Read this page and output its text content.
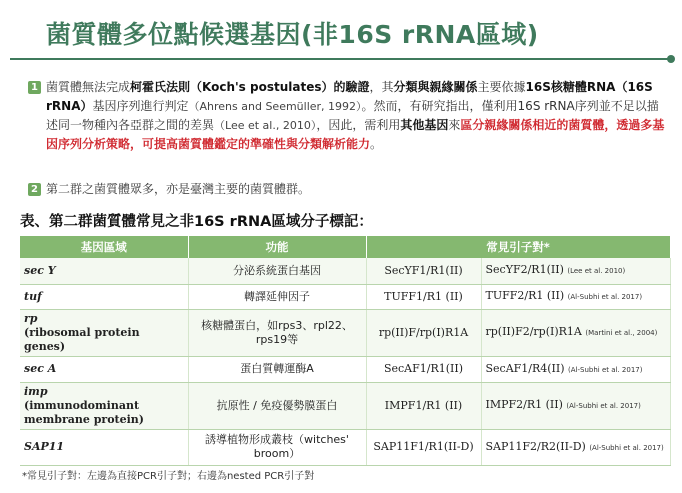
菌質體多位點候選基因(非16S rRNA區域)
1 菌質體無法完成柯霍氏法則（Koch's postulates）的驗證，其分類與親緣關係主要依據16S核糖體RNA（16S rRNA）基因序列進行判定（Ahrens and Seemüller, 1992）。然而，有研究指出，僅利用16S rRNA序列並不足以描述同一物種內各亞群之間的差異（Lee et al., 2010），因此，需利用其他基因來區分親緣關係相近的菌質體，透過多基因序列分析策略，可提高菌質體鑑定的準確性與分類解析能力。
2 第二群之菌質體眾多，亦是臺灣主要的菌質體群。
表、第二群菌質體常見之非16S rRNA區域分子標記：
基因區域	功能	常見引子對*	
sec Y	分泌系統蛋白基因	SecYF1/R1(II)	SecYF2/R1(II) (Lee et al. 2010)
tuf	轉譯延伸因子	TUFF1/R1 (II)	TUFF2/R1 (II) (Al-Subhi et al. 2017)
rp
(ribosomal protein genes)	核糖體蛋白，如rps3、rpl22、rps19等	rp(II)F/rp(I)R1A	rp(II)F2/rp(I)R1A (Martini et al., 2004)
sec A	蛋白質轉運酶A	SecAF1/R1(II)	SecAF1/R4(II) (Al-Subhi et al. 2017)
imp
(immunodominant membrane protein)	抗原性 / 免疫優勢膜蛋白	IMPF1/R1 (II)	IMPF2/R1 (II) (Al-Subhi et al. 2017)
SAP11	誘導植物形成叢枝（witches' broom）	SAP11F1/R1(II-D)	SAP11F2/R2(II-D) (Al-Subhi et al. 2017)
*常見引子對：左邊為直接PCR引子對；右邊為nested PCR引子對
